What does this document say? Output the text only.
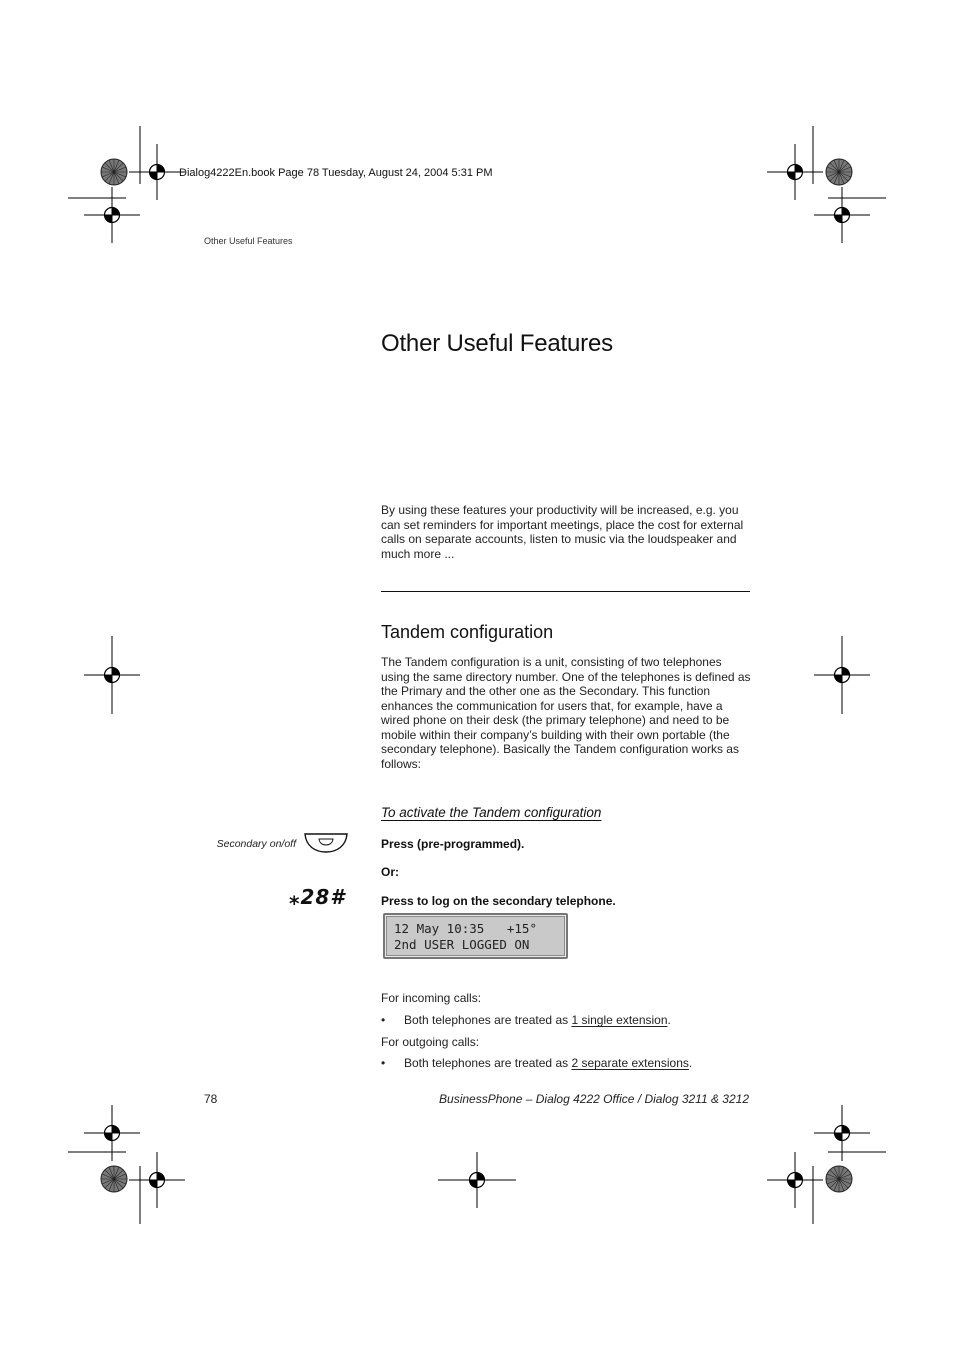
Dialog4222En.book Page 78 Tuesday, August 24, 2004 5:31 PM
Other Useful Features
Other Useful Features

By using these features your productivity will be increased, e.g. you can set reminders for important meetings, place the cost for external calls on separate accounts, listen to music via the loudspeaker and much more ...

Tandem configuration

The Tandem configuration is a unit, consisting of two telephones using the same directory number. One of the telephones is defined as the Primary and the other one as the Secondary. This function enhances the communication for users that, for example, have a wired phone on their desk (the primary telephone) and need to be mobile within their company’s building with their own portable (the secondary telephone). Basically the Tandem configuration works as follows:

To activate the Tandem configuration
Secondary on/off	Press (pre-programmed).
Or:
⁎28#	Press to log on the secondary telephone.
12 May 10:35   +15°
2nd USER LOGGED ON
For incoming calls:
• Both telephones are treated as 1 single extension.
For outgoing calls:
• Both telephones are treated as 2 separate extensions.
78	BusinessPhone – Dialog 4222 Office / Dialog 3211 & 3212
